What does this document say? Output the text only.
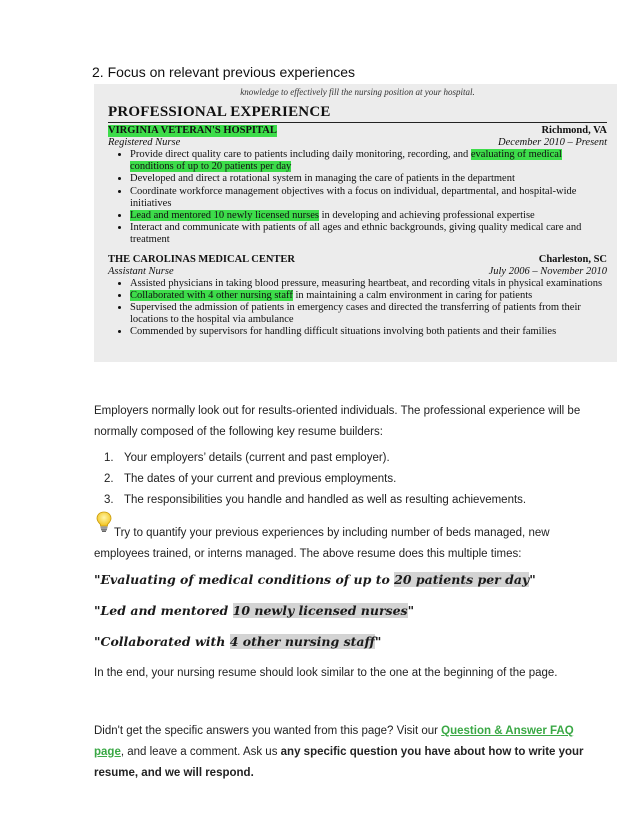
2. Focus on relevant previous experiences
knowledge to effectively fill the nursing position at your hospital.
PROFESSIONAL EXPERIENCE
VIRGINIA VETERAN'S HOSPITAL	Richmond, VA
Registered Nurse	December 2010 – Present
• Provide direct quality care to patients including daily monitoring, recording, and evaluating of medical conditions of up to 20 patients per day
• Developed and direct a rotational system in managing the care of patients in the department
• Coordinate workforce management objectives with a focus on individual, departmental, and hospital-wide initiatives
• Lead and mentored 10 newly licensed nurses in developing and achieving professional expertise
• Interact and communicate with patients of all ages and ethnic backgrounds, giving quality medical care and treatment
THE CAROLINAS MEDICAL CENTER	Charleston, SC
Assistant Nurse	July 2006 – November 2010
• Assisted physicians in taking blood pressure, measuring heartbeat, and recording vitals in physical examinations
• Collaborated with 4 other nursing staff in maintaining a calm environment in caring for patients
• Supervised the admission of patients in emergency cases and directed the transferring of patients from their locations to the hospital via ambulance
• Commended by supervisors for handling difficult situations involving both patients and their families
Employers normally look out for results-oriented individuals. The professional experience will be
normally composed of the following key resume builders:
1. Your employers’ details (current and past employer).
2. The dates of your current and previous employments.
3. The responsibilities you handle and handled as well as resulting achievements.
Try to quantify your previous experiences by including number of beds managed, new
employees trained, or interns managed. The above resume does this multiple times:
"Evaluating of medical conditions of up to 20 patients per day"
"Led and mentored 10 newly licensed nurses"
"Collaborated with 4 other nursing staff"
In the end, your nursing resume should look similar to the one at the beginning of the page.
Didn't get the specific answers you wanted from this page? Visit our Question & Answer FAQ
page, and leave a comment. Ask us any specific question you have about how to write your
resume, and we will respond.
